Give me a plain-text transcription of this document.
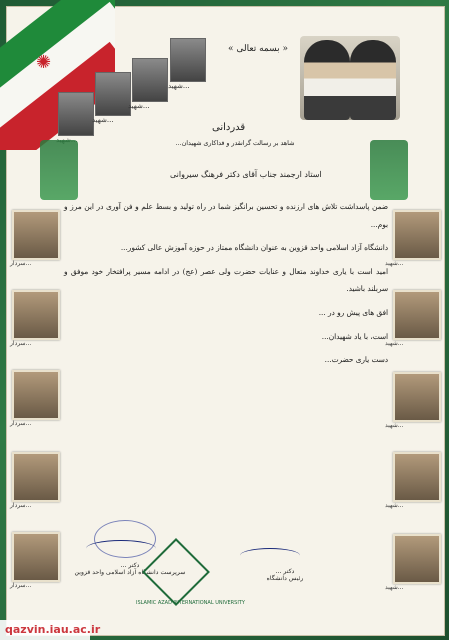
✺
شهید...
شهید...
شهید...
« بسمه تعالی »
قدردانی
شاهد بر رسالت گرانقدر و فداکاری شهیدان...
استاد ارجمند جناب آقای دکتر فرهنگ سیروانی
سردار...
سردار...
سردار...
سردار...
سردار...
شهید...
شهید...
شهید...
شهید...
شهید...

ضمن پاسداشت تلاش های ارزنده و تحسین برانگیز شما در راه تولید و بسط علم و فن آوری در این مرز و بوم...

دانشگاه آزاد اسلامی واحد قزوین به عنوان دانشگاه ممتاز در حوزه آموزش عالی کشور...

امید است با یاری خداوند متعال و عنایات حضرت ولی عصر (عج) در ادامه مسیر پرافتخار خود موفق و سربلند باشید.

افق های پیش رو در ...

است، با یاد شهیدان...

دست یاری حضرت...

دکتر ...
سرپرست دانشگاه آزاد اسلامی واحد قزوین	دکتر ...
رئیس دانشگاه
ISLAMIC AZAD INTERNATIONAL UNIVERSITY
qazvin.iau.ac.ir
